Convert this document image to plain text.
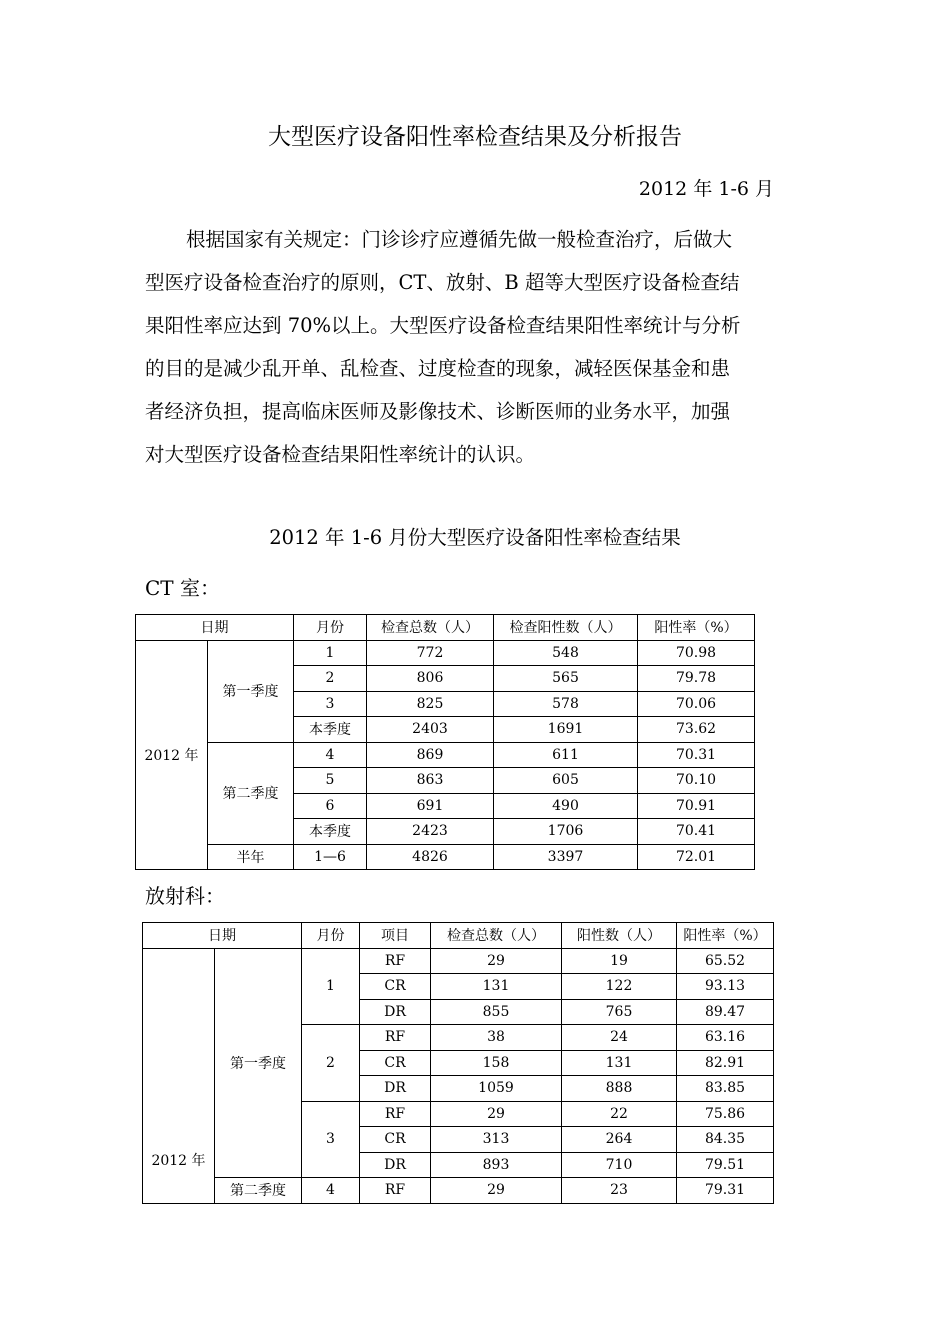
大型医疗设备阳性率检查结果及分析报告
2012 年 1-6 月
根据国家有关规定：门诊诊疗应遵循先做一般检查治疗，后做大
型医疗设备检查治疗的原则，CT、放射、B 超等大型医疗设备检查结
果阳性率应达到 70%以上。大型医疗设备检查结果阳性率统计与分析
的目的是减少乱开单、乱检查、过度检查的现象，减轻医保基金和患
者经济负担，提高临床医师及影像技术、诊断医师的业务水平，加强
对大型医疗设备检查结果阳性率统计的认识。
2012 年 1-6 月份大型医疗设备阳性率检查结果
CT 室：
日期		月份	检查总数（人）	检查阳性数（人）	阳性率（%）
2012 年	第一季度	1	772	548	70.98
		2	806	565	79.78
		3	825	578	70.06
		本季度	2403	1691	73.62
	第二季度	4	869	611	70.31
		5	863	605	70.10
		6	691	490	70.91
		本季度	2423	1706	70.41
	半年	1—6	4826	3397	72.01
放射科：
日期		月份	项目	检查总数（人）	阳性数（人）	阳性率（%）
2012 年	第一季度	1	RF	29	19	65.52
			CR	131	122	93.13
			DR	855	765	89.47
		2	RF	38	24	63.16
			CR	158	131	82.91
			DR	1059	888	83.85
		3	RF	29	22	75.86
			CR	313	264	84.35
			DR	893	710	79.51
	第二季度	4	RF	29	23	79.31
